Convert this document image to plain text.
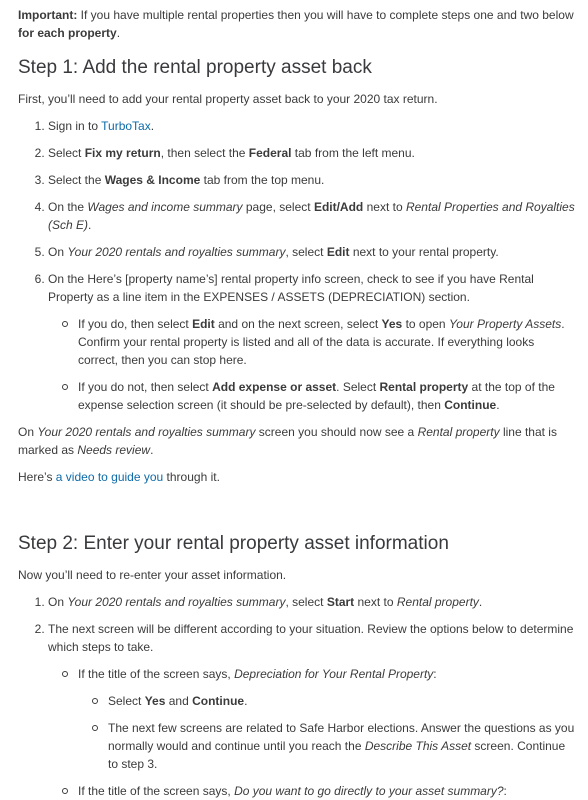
Important: If you have multiple rental properties then you will have to complete steps one and two below for each property.

Step 1: Add the rental property asset back

First, you’ll need to add your rental property asset back to your 2020 tax return.

1. Sign in to TurboTax.
2. Select Fix my return, then select the Federal tab from the left menu.
3. Select the Wages & Income tab from the top menu.
4. On the Wages and income summary page, select Edit/Add next to Rental Properties and Royalties (Sch E).
5. On Your 2020 rentals and royalties summary, select Edit next to your rental property.
6. On the Here’s [property name’s] rental property info screen, check to see if you have Rental Property as a line item in the EXPENSES / ASSETS (DEPRECIATION) section.
If you do, then select Edit and on the next screen, select Yes to open Your Property Assets. Confirm your rental property is listed and all of the data is accurate. If everything looks correct, then you can stop here.
If you do not, then select Add expense or asset. Select Rental property at the top of the expense selection screen (it should be pre-selected by default), then Continue.

On Your 2020 rentals and royalties summary screen you should now see a Rental property line that is marked as Needs review.

Here’s a video to guide you through it.

Step 2: Enter your rental property asset information

Now you’ll need to re-enter your asset information.

1. On Your 2020 rentals and royalties summary, select Start next to Rental property.
2. The next screen will be different according to your situation. Review the options below to determine which steps to take.
If the title of the screen says, Depreciation for Your Rental Property:
Select Yes and Continue.
The next few screens are related to Safe Harbor elections. Answer the questions as you normally would and continue until you reach the Describe This Asset screen. Continue to step 3.
If the title of the screen says, Do you want to go directly to your asset summary?:
